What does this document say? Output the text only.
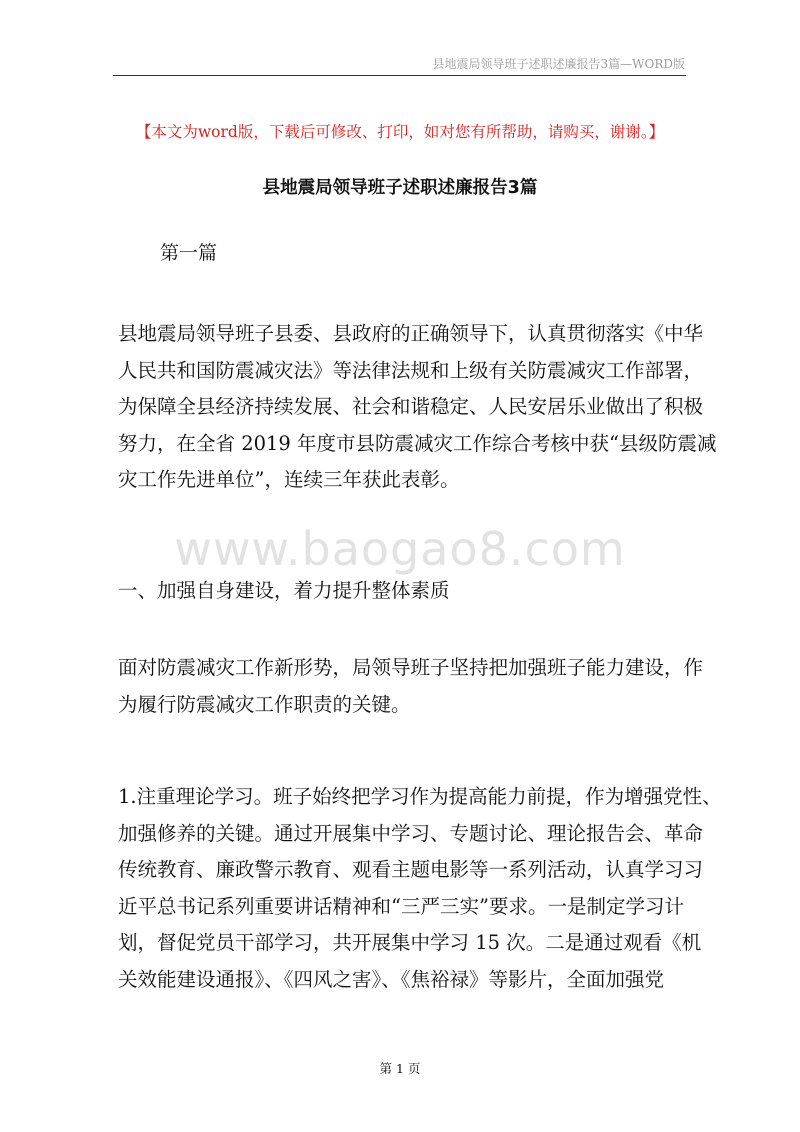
县地震局领导班子述职述廉报告3篇—WORD版
【本文为word版，下载后可修改、打印，如对您有所帮助，请购买，谢谢。】
县地震局领导班子述职述廉报告3篇
第一篇
县地震局领导班子县委、县政府的正确领导下，认真贯彻落实《中华
人民共和国防震减灾法》等法律法规和上级有关防震减灾工作部署，
为保障全县经济持续发展、社会和谐稳定、人民安居乐业做出了积极
努力，在全省 2019 年度市县防震减灾工作综合考核中获“县级防震减
灾工作先进单位”，连续三年获此表彰。
www.baogao8.com
一、加强自身建设，着力提升整体素质
面对防震减灾工作新形势，局领导班子坚持把加强班子能力建设，作
为履行防震减灾工作职责的关键。
1.注重理论学习。班子始终把学习作为提高能力前提，作为增强党性、
加强修养的关键。通过开展集中学习、专题讨论、理论报告会、革命
传统教育、廉政警示教育、观看主题电影等一系列活动，认真学习习
近平总书记系列重要讲话精神和“三严三实”要求。一是制定学习计
划，督促党员干部学习，共开展集中学习 15 次。二是通过观看《机
关效能建设通报》、《四风之害》、《焦裕禄》等影片，全面加强党
第 1 页
